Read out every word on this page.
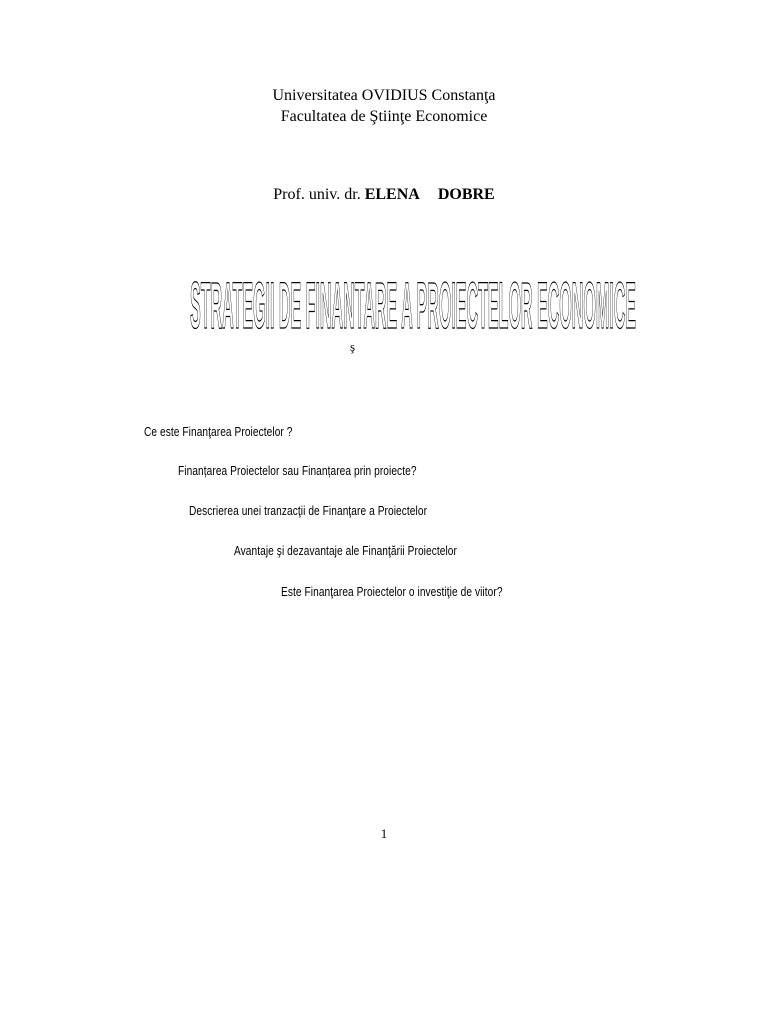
Universitatea OVIDIUS Constanţa
Facultatea de Ştiinţe Economice
Prof. univ. dr. ELENA DOBRE
STRATEGII DE FINANTARE A PROIECTELOR ECONOMICE
ş
Ce este Finanţarea Proiectelor ?
Finanțarea Proiectelor sau Finanțarea prin proiecte?
Descrierea unei tranzacţii de Finanţare a Proiectelor
Avantaje şi dezavantaje ale Finanţării Proiectelor
Este Finanţarea Proiectelor o investiţie de viitor?
1
